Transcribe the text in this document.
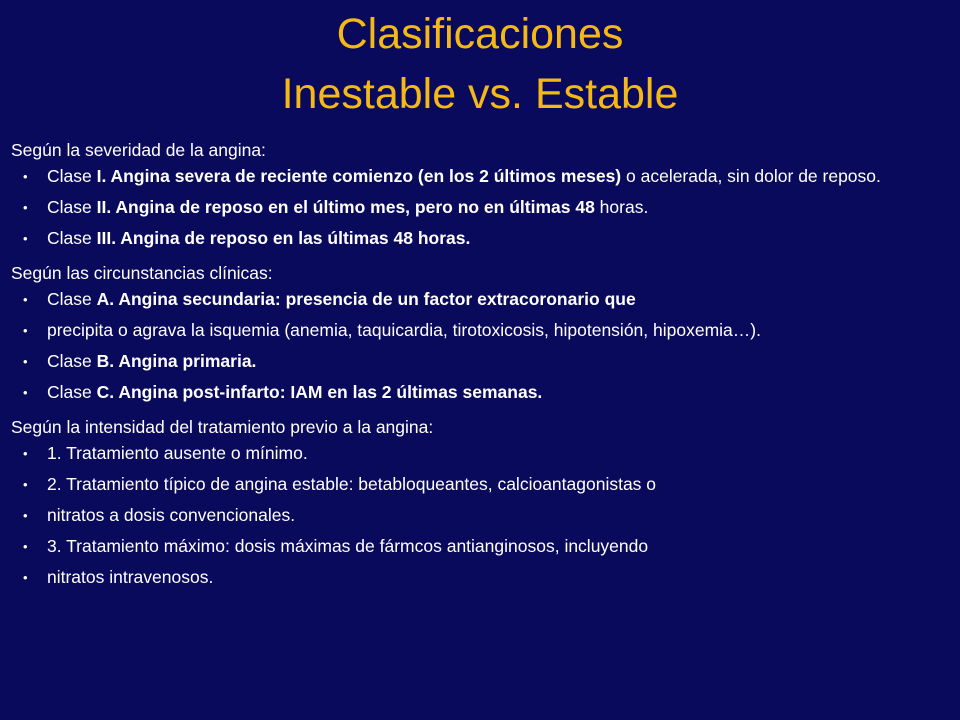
Clasificaciones
Inestable vs. Estable
Según la severidad de la angina:
• Clase I. Angina severa de reciente comienzo (en los 2 últimos meses) o acelerada, sin dolor de reposo.
• Clase II. Angina de reposo en el último mes, pero no en últimas 48 horas.
• Clase III. Angina de reposo en las últimas 48 horas.
Según las circunstancias clínicas:
• Clase A. Angina secundaria: presencia de un factor extracoronario que
• precipita o agrava la isquemia (anemia, taquicardia, tirotoxicosis, hipotensión, hipoxemia…).
• Clase B. Angina primaria.
• Clase C. Angina post-infarto: IAM en las 2 últimas semanas.
Según la intensidad del tratamiento previo a la angina:
• 1. Tratamiento ausente o mínimo.
• 2. Tratamiento típico de angina estable: betabloqueantes, calcioantagonistas o
• nitratos a dosis convencionales.
• 3. Tratamiento máximo: dosis máximas de fármcos antianginosos, incluyendo
• nitratos intravenosos.
